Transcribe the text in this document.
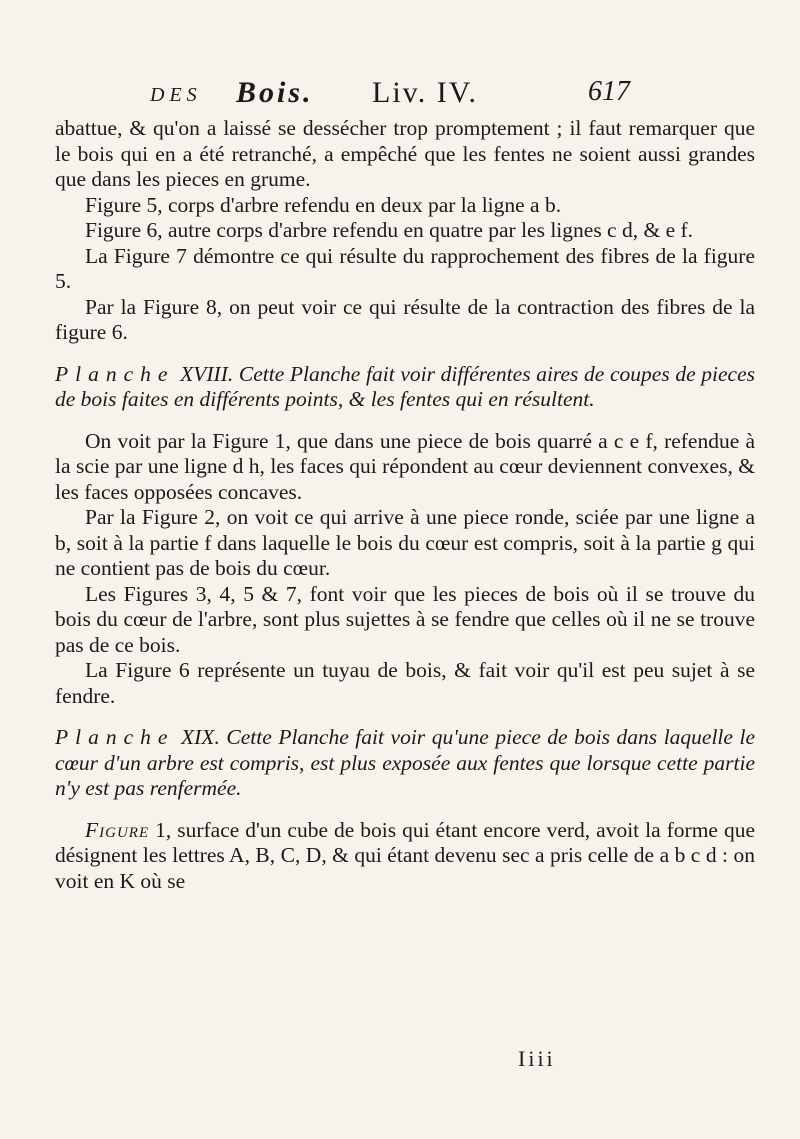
DES Bois. Liv. IV.	617

abattue, & qu'on a laissé se dessécher trop promptement ; il faut remarquer que le bois qui en a été retranché, a empêché que les fentes ne soient aussi grandes que dans les pieces en grume.

Figure 5, corps d'arbre refendu en deux par la ligne a b.

Figure 6, autre corps d'arbre refendu en quatre par les lignes c d, & e f.

La Figure 7 démontre ce qui résulte du rapprochement des fibres de la figure 5.

Par la Figure 8, on peut voir ce qui résulte de la contraction des fibres de la figure 6.

Planche XVIII. Cette Planche fait voir différentes aires de coupes de pieces de bois faites en différents points, & les fentes qui en résultent.

On voit par la Figure 1, que dans une piece de bois quarré a c e f, refendue à la scie par une ligne d h, les faces qui répondent au cœur deviennent convexes, & les faces opposées concaves.

Par la Figure 2, on voit ce qui arrive à une piece ronde, sciée par une ligne a b, soit à la partie f dans laquelle le bois du cœur est compris, soit à la partie g qui ne contient pas de bois du cœur.

Les Figures 3, 4, 5 & 7, font voir que les pieces de bois où il se trouve du bois du cœur de l'arbre, sont plus sujettes à se fendre que celles où il ne se trouve pas de ce bois.

La Figure 6 représente un tuyau de bois, & fait voir qu'il est peu sujet à se fendre.

Planche XIX. Cette Planche fait voir qu'une piece de bois dans laquelle le cœur d'un arbre est compris, est plus exposée aux fentes que lorsque cette partie n'y est pas renfermée.

Figure 1, surface d'un cube de bois qui étant encore verd, avoit la forme que désignent les lettres A, B, C, D, & qui étant devenu sec a pris celle de a b c d : on voit en K où se

Iiii
